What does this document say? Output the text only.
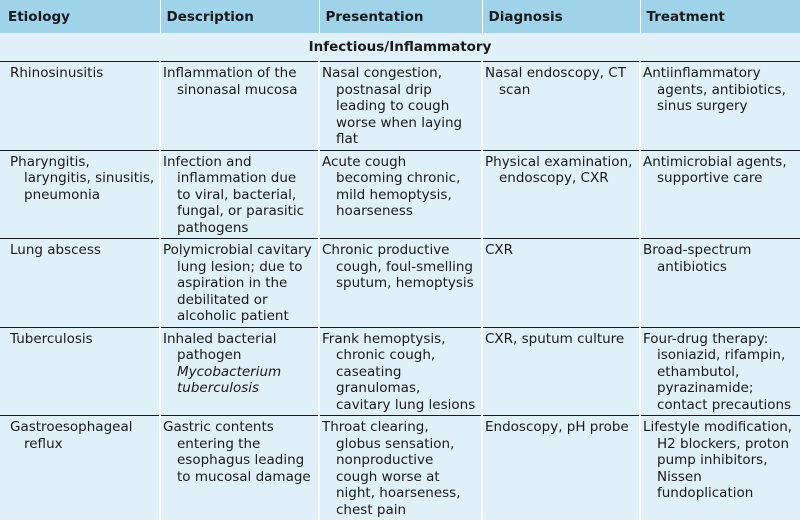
Etiology	Description	Presentation	Diagnosis	Treatment
Infectious/Inflammatory				

Rhinosinusitis	Inflammation of the sinonasal mucosa	Nasal congestion, postnasal drip leading to cough worse when laying flat	Nasal endoscopy, CT scan	Antiinflammatory agents, antibiotics, sinus surgery

Pharyngitis, laryngitis, sinusitis, pneumonia	Infection and inflammation due to viral, bacterial, fungal, or parasitic pathogens	Acute cough becoming chronic, mild hemoptysis, hoarseness	Physical examination, endoscopy, CXR	Antimicrobial agents, supportive care

Lung abscess	Polymicrobial cavitary lung lesion; due to aspiration in the debilitated or alcoholic patient	Chronic productive cough, foul-smelling sputum, hemoptysis	CXR	Broad-spectrum antibiotics

Tuberculosis	Inhaled bacterial pathogen Mycobacterium tuberculosis	Frank hemoptysis, chronic cough, caseating granulomas, cavitary lung lesions	CXR, sputum culture	Four-drug therapy: isoniazid, rifampin, ethambutol, pyrazinamide; contact precautions

Gastroesophageal reflux	Gastric contents entering the esophagus leading to mucosal damage	Throat clearing, globus sensation, nonproductive cough worse at night, hoarseness, chest pain	Endoscopy, pH probe	Lifestyle modification, H2 blockers, proton pump inhibitors, Nissen fundoplication
